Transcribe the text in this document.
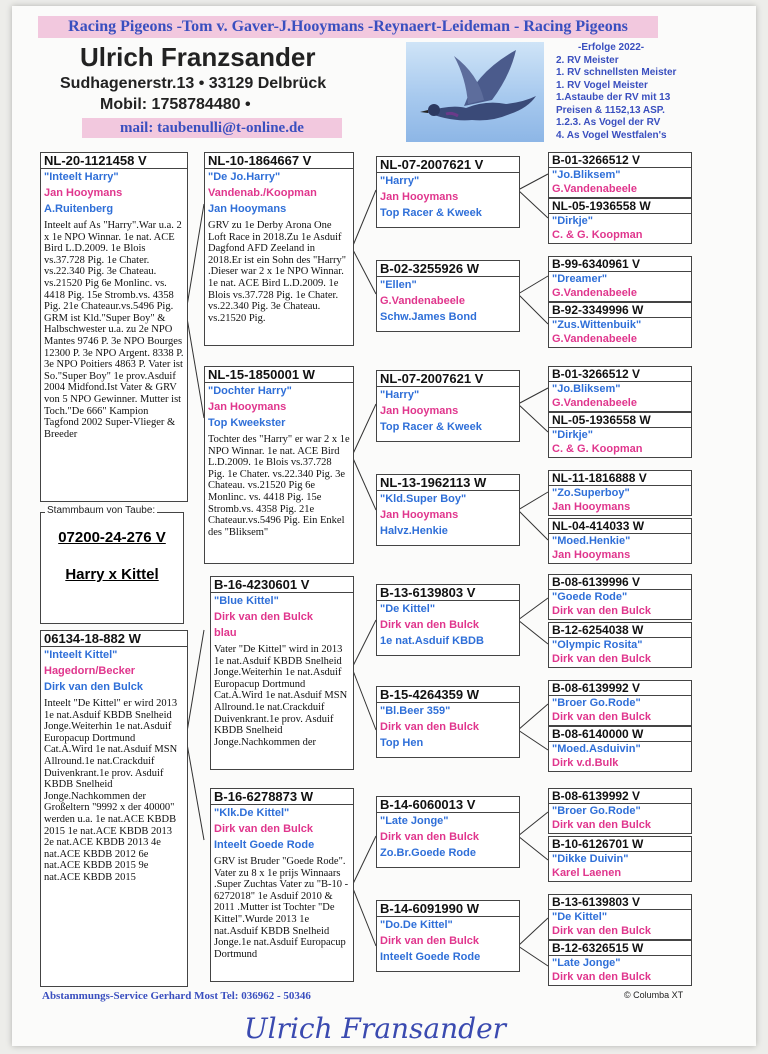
Racing Pigeons -Tom v. Gaver-J.Hooymans -Reynaert-Leideman - Racing Pigeons
Ulrich Franzsander
Sudhagenerstr.13 • 33129 Delbrück
Mobil: 1758784480 •
mail: taubenulli@t-online.de
-Erfolge 2022-
2. RV Meister
1. RV schnellsten Meister
1. RV Vogel Meister
1.Astaube der RV mit 13
Preisen & 1152,13 ASP.
1.2.3. As Vogel der RV
4. As Vogel Westfalen's
NL-20-1121458 V
"Inteelt Harry"
Jan Hooymans
A.Ruitenberg
Inteelt auf As "Harry".War u.a. 2 x 1e NPO Winnar. 1e nat. ACE Bird L.D.2009. 1e Blois vs.37.728 Pig. 1e Chater. vs.22.340 Pig. 3e Chateau. vs.21520 Pig 6e Monlinc. vs. 4418 Pig. 15e Stromb.vs. 4358 Pig. 21e Chateaur.vs.5496 Pig. GRM ist Kld."Super Boy" & Halbschwester u.a. zu 2e NPO Mantes 9746 P. 3e NPO Bourges 12300 P. 3e NPO Argent. 8338 P. 3e NPO Poitiers 4863 P. Vater ist So."Super Boy" 1e prov.Asduif 2004 Midfond.Ist Vater & GRV von 5 NPO Gewinner. Mutter ist Toch."De 666" Kampion Tagfond 2002 Super-Vlieger & Breeder
Stammbaum von Taube:
07200-24-276 V
Harry x Kittel
06134-18-882 W
"Inteelt Kittel"
Hagedorn/Becker
Dirk van den Bulck
Inteelt "De Kittel" er wird 2013 1e nat.Asduif KBDB Snelheid Jonge.Weiterhin 1e nat.Asduif Europacup Dortmund Cat.A.Wird 1e nat.Asduif MSN Allround.1e nat.Crackduif Duivenkrant.1e prov. Asduif KBDB Snelheid Jonge.Nachkommen der Großeltern "9992 x der 40000" werden u.a. 1e nat.ACE KBDB 2015 1e nat.ACE KBDB 2013 2e nat.ACE KBDB 2013 4e nat.ACE KBDB 2012 6e nat.ACE KBDB 2015 9e nat.ACE KBDB 2015
NL-10-1864667 V
"De Jo.Harry"
Vandenab./Koopman
Jan Hooymans
GRV zu 1e Derby Arona One Loft Race in 2018.Zu 1e Asduif Dagfond AFD Zeeland in 2018.Er ist ein Sohn des "Harry" .Dieser war 2 x 1e NPO Winnar. 1e nat. ACE Bird L.D.2009. 1e Blois vs.37.728 Pig. 1e Chater. vs.22.340 Pig. 3e Chateau. vs.21520 Pig.
NL-15-1850001 W
"Dochter Harry"
Jan Hooymans
Top Kweekster
Tochter des "Harry" er war 2 x 1e NPO Winnar. 1e nat. ACE Bird L.D.2009. 1e Blois vs.37.728 Pig. 1e Chater. vs.22.340 Pig. 3e Chateau. vs.21520 Pig 6e Monlinc. vs. 4418 Pig. 15e Stromb.vs. 4358 Pig. 21e Chateaur.vs.5496 Pig. Ein Enkel des "Bliksem"
B-16-4230601 V
"Blue Kittel"
Dirk van den Bulck
blau
Vater "De Kittel" wird in 2013 1e nat.Asduif KBDB Snelheid Jonge.Weiterhin 1e nat.Asduif Europacup Dortmund Cat.A.Wird 1e nat.Asduif MSN Allround.1e nat.Crackduif Duivenkrant.1e prov. Asduif KBDB Snelheid Jonge.Nachkommen der
B-16-6278873 W
"Klk.De Kittel"
Dirk van den Bulck
Inteelt Goede Rode
GRV ist Bruder "Goede Rode". Vater zu 8 x 1e prijs Winnaars .Super Zuchtas Vater zu "B-10 - 6272018" 1e Asduif 2010 & 2011 .Mutter ist Tochter "De Kittel".Wurde 2013 1e nat.Asduif KBDB Snelheid Jonge.1e nat.Asduif Europacup Dortmund
NL-07-2007621 V
"Harry"
Jan Hooymans
Top Racer & Kweek
B-02-3255926 W
"Ellen"
G.Vandenabeele
Schw.James Bond
NL-07-2007621 V
"Harry"
Jan Hooymans
Top Racer & Kweek
NL-13-1962113 W
"Kld.Super Boy"
Jan Hooymans
Halvz.Henkie
B-13-6139803 V
"De Kittel"
Dirk van den Bulck
1e nat.Asduif KBDB
B-15-4264359 W
"Bl.Beer 359"
Dirk van den Bulck
Top Hen
B-14-6060013 V
"Late Jonge"
Dirk van den Bulck
Zo.Br.Goede Rode
B-14-6091990 W
"Do.De Kittel"
Dirk van den Bulck
Inteelt Goede Rode
B-01-3266512 V
"Jo.Bliksem"
G.Vandenabeele
NL-05-1936558 W
"Dirkje"
C. & G. Koopman
B-99-6340961 V
"Dreamer"
G.Vandenabeele
B-92-3349996 W
"Zus.Wittenbuik"
G.Vandenabeele
B-01-3266512 V
"Jo.Bliksem"
G.Vandenabeele
NL-05-1936558 W
"Dirkje"
C. & G. Koopman
NL-11-1816888 V
"Zo.Superboy"
Jan Hooymans
NL-04-414033 W
"Moed.Henkie"
Jan Hooymans
B-08-6139996 V
"Goede Rode"
Dirk van den Bulck
B-12-6254038 W
"Olympic Rosita"
Dirk van den Bulck
B-08-6139992 V
"Broer Go.Rode"
Dirk van den Bulck
B-08-6140000 W
"Moed.Asduivin"
Dirk v.d.Bulk
B-08-6139992 V
"Broer Go.Rode"
Dirk van den Bulck
B-10-6126701 W
"Dikke Duivin"
Karel Laenen
B-13-6139803 V
"De Kittel"
Dirk van den Bulck
B-12-6326515 W
"Late Jonge"
Dirk van den Bulck
Abstammungs-Service Gerhard Most Tel: 036962 - 50346	© Columba XT
Ulrich Fransander
